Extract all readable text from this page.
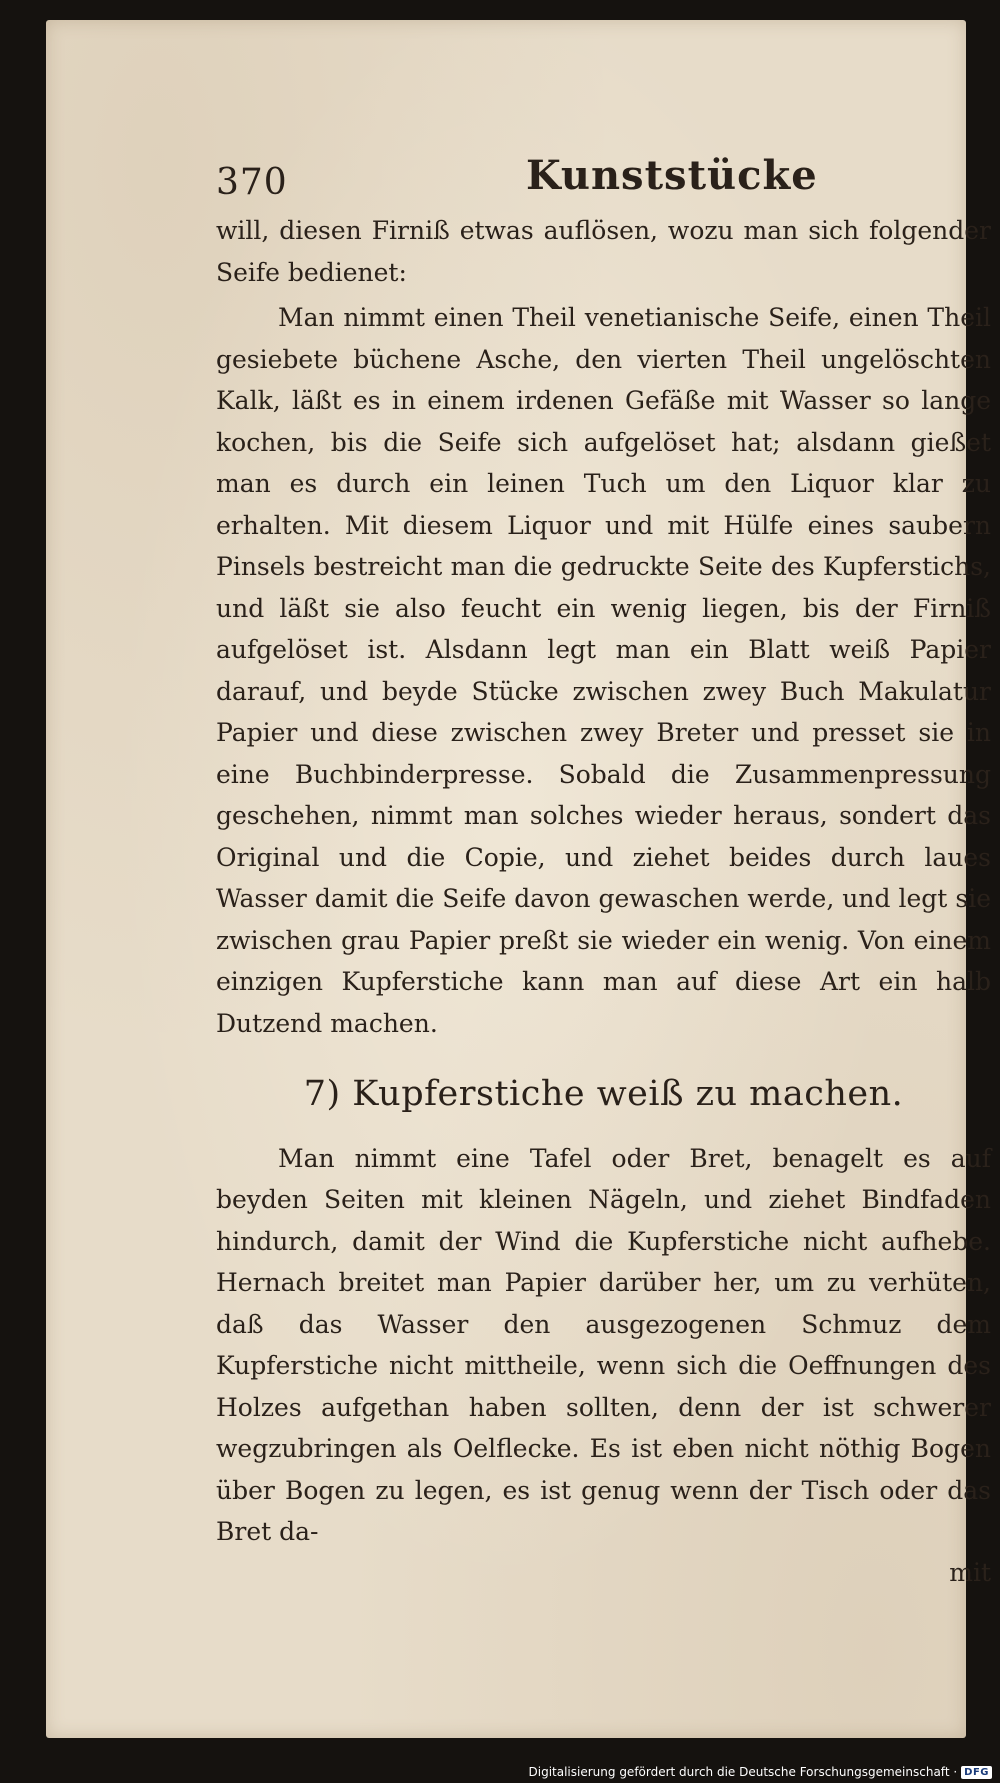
370	Kunststücke

will, diesen Firniß etwas auflösen, wozu man sich folgender Seife bedienet:

Man nimmt einen Theil venetianische Seife, einen Theil gesiebete büchene Asche, den vierten Theil ungelöschten Kalk, läßt es in einem irdenen Gefäße mit Wasser so lange kochen, bis die Seife sich aufgelöset hat; alsdann gießet man es durch ein leinen Tuch um den Liquor klar zu erhalten. Mit diesem Liquor und mit Hülfe eines saubern Pinsels bestreicht man die gedruckte Seite des Kupferstichs, und läßt sie also feucht ein wenig liegen, bis der Firniß aufgelöset ist. Alsdann legt man ein Blatt weiß Papier darauf, und beyde Stücke zwischen zwey Buch Makulatur Papier und diese zwischen zwey Breter und presset sie in eine Buchbinderpresse. Sobald die Zusammenpressung geschehen, nimmt man solches wieder heraus, sondert das Original und die Copie, und ziehet beides durch laues Wasser damit die Seife davon gewaschen werde, und legt sie zwischen grau Papier preßt sie wieder ein wenig. Von einem einzigen Kupferstiche kann man auf diese Art ein halb Dutzend machen.

7) Kupferstiche weiß zu machen.

Man nimmt eine Tafel oder Bret, benagelt es auf beyden Seiten mit kleinen Nägeln, und ziehet Bindfaden hindurch, damit der Wind die Kupferstiche nicht aufhebe. Hernach breitet man Papier darüber her, um zu verhüten, daß das Wasser den ausgezogenen Schmuz dem Kupferstiche nicht mittheile, wenn sich die Oeffnungen des Holzes aufgethan haben sollten, denn der ist schwerer wegzubringen als Oelflecke. Es ist eben nicht nöthig Bogen über Bogen zu legen, es ist genug wenn der Tisch oder das Bret da-

mit
Digitalisierung gefördert durch die Deutsche Forschungsgemeinschaft · DFG
